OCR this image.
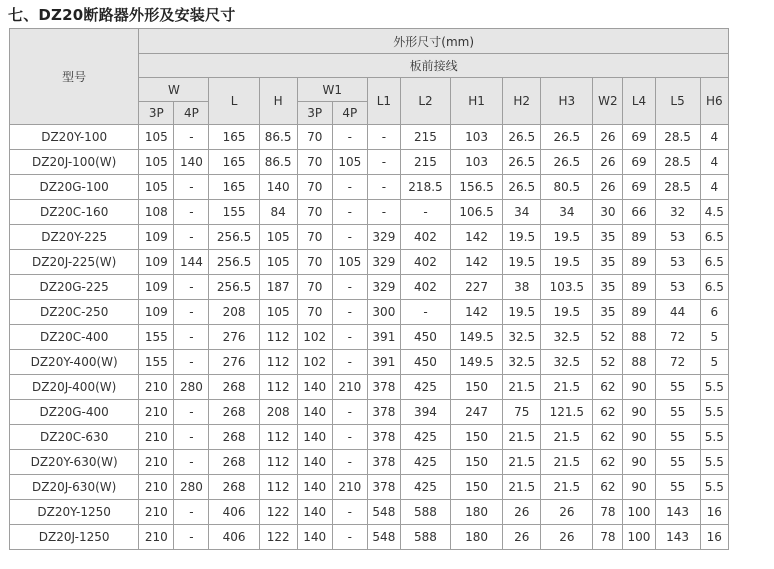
七、DZ20断路器外形及安装尺寸
型号	外形尺寸(mm)														
	板前接线														
	W		L	H	W1		L1	L2	H1	H2	H3	W2	L4	L5	H6
	3P	4P			3P	4P									
DZ20Y-100	105	-	165	86.5	70	-	-	215	103	26.5	26.5	26	69	28.5	4
DZ20J-100(W)	105	140	165	86.5	70	105	-	215	103	26.5	26.5	26	69	28.5	4
DZ20G-100	105	-	165	140	70	-	-	218.5	156.5	26.5	80.5	26	69	28.5	4
DZ20C-160	108	-	155	84	70	-	-	-	106.5	34	34	30	66	32	4.5
DZ20Y-225	109	-	256.5	105	70	-	329	402	142	19.5	19.5	35	89	53	6.5
DZ20J-225(W)	109	144	256.5	105	70	105	329	402	142	19.5	19.5	35	89	53	6.5
DZ20G-225	109	-	256.5	187	70	-	329	402	227	38	103.5	35	89	53	6.5
DZ20C-250	109	-	208	105	70	-	300	-	142	19.5	19.5	35	89	44	6
DZ20C-400	155	-	276	112	102	-	391	450	149.5	32.5	32.5	52	88	72	5
DZ20Y-400(W)	155	-	276	112	102	-	391	450	149.5	32.5	32.5	52	88	72	5
DZ20J-400(W)	210	280	268	112	140	210	378	425	150	21.5	21.5	62	90	55	5.5
DZ20G-400	210	-	268	208	140	-	378	394	247	75	121.5	62	90	55	5.5
DZ20C-630	210	-	268	112	140	-	378	425	150	21.5	21.5	62	90	55	5.5
DZ20Y-630(W)	210	-	268	112	140	-	378	425	150	21.5	21.5	62	90	55	5.5
DZ20J-630(W)	210	280	268	112	140	210	378	425	150	21.5	21.5	62	90	55	5.5
DZ20Y-1250	210	-	406	122	140	-	548	588	180	26	26	78	100	143	16
DZ20J-1250	210	-	406	122	140	-	548	588	180	26	26	78	100	143	16
